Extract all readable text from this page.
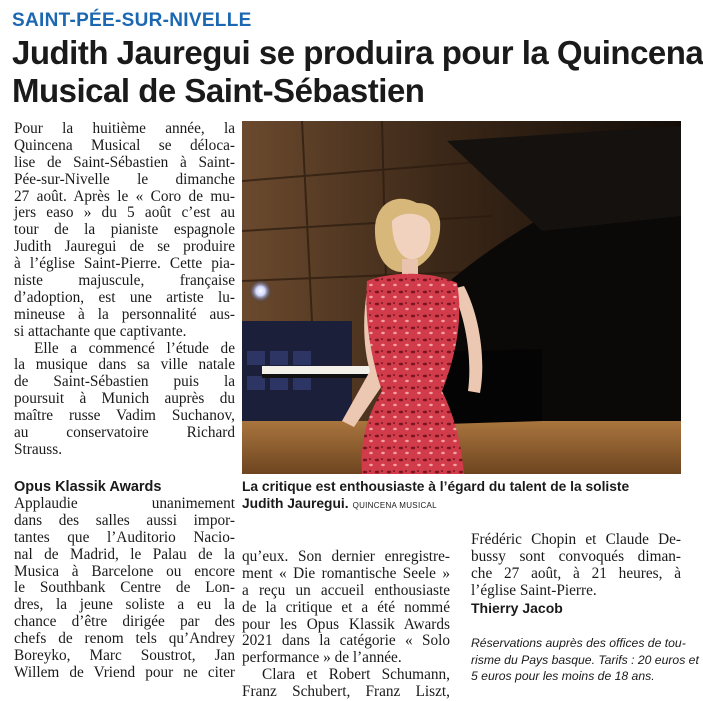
SAINT-PÉE-SUR-NIVELLE
Judith Jauregui se produira pour la Quincena
Musical de Saint-Sébastien
Pour la huitième année, la
Quincena Musical se déloca-
lise de Saint-Sébastien à Saint-
Pée-sur-Nivelle le dimanche
27 août. Après le « Coro de mu-
jers easo » du 5 août c’est au
tour de la pianiste espagnole
Judith Jauregui de se produire
à l’église Saint-Pierre. Cette pia-
niste majuscule, française
d’adoption, est une artiste lu-
mineuse à la personnalité aus-
si attachante que captivante.
Elle a commencé l’étude de
la musique dans sa ville natale
de Saint-Sébastien puis la
poursuit à Munich auprès du
maître russe Vadim Suchanov,
au conservatoire Richard
Strauss.
Opus Klassik Awards
Applaudie unanimement
dans des salles aussi impor-
tantes que l’Auditorio Nacio-
nal de Madrid, le Palau de la
Musica à Barcelone ou encore
le Southbank Centre de Lon-
dres, la jeune soliste a eu la
chance d’être dirigée par des
chefs de renom tels qu’Andrey
Boreyko, Marc Soustrot, Jan
Willem de Vriend pour ne citer
La critique est enthousiaste à l’égard du talent de la soliste
Judith Jauregui. QUINCENA MUSICAL
qu’eux. Son dernier enregistre-
ment « Die romantische Seele »
a reçu un accueil enthousiaste
de la critique et a été nommé
pour les Opus Klassik Awards
2021 dans la catégorie « Solo
performance » de l’année.
Clara et Robert Schumann,
Franz Schubert, Franz Liszt,
Frédéric Chopin et Claude De-
bussy sont convoqués diman-
che 27 août, à 21 heures, à
l’église Saint-Pierre.
Thierry Jacob
Réservations auprès des offices de tou-
risme du Pays basque. Tarifs : 20 euros et
5 euros pour les moins de 18 ans.
